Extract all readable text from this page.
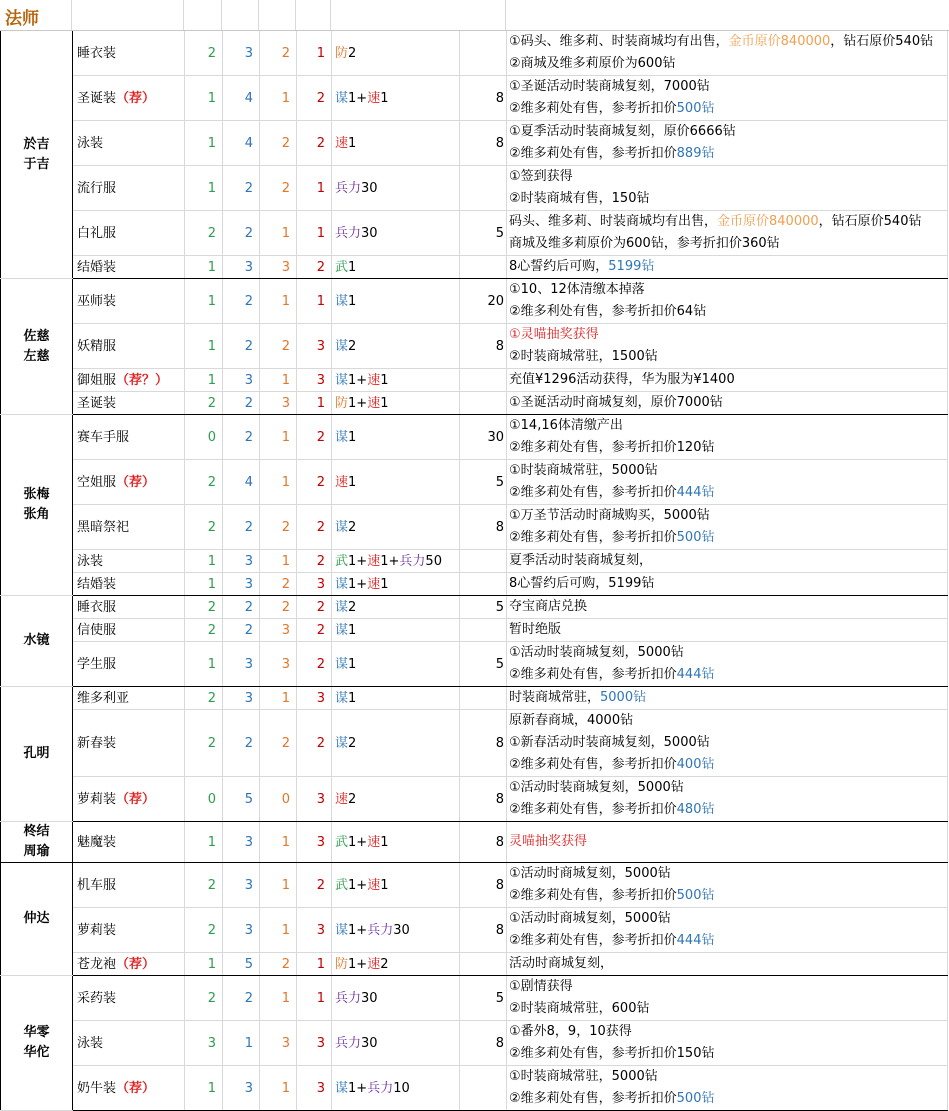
法师
於吉
于吉	睡衣装	2	3	2	1	防2		①码头、维多莉、时装商城均有出售，金币原价840000，钻石原价540钻
②商城及维多莉原价为600钻

	圣诞装（荐）	1	4	1	2	谋1+速1	8	①圣诞活动时装商城复刻，7000钻
②维多莉处有售，参考折扣价500钻

	泳装	1	4	2	2	速1	8	①夏季活动时装商城复刻，原价6666钻
②维多莉处有售，参考折扣价889钻

	流行服	1	2	2	1	兵力30		①签到获得
②时装商城有售，150钻

	白礼服	2	2	1	1	兵力30	5	码头、维多莉、时装商城均有出售，金币原价840000，钻石原价540钻
商城及维多莉原价为600钻，参考折扣价360钻

	结婚装	1	3	3	2	武1		8心誓约后可购，5199钻

佐慈
左慈	巫师装	1	2	1	1	谋1	20	①10、12体清缴本掉落
②维多利处有售，参考折扣价64钻

	妖精服	1	2	2	3	谋2	8	①灵喵抽奖获得
②时装商城常驻，1500钻

	御姐服（荐？）	1	3	1	3	谋1+速1		充值¥1296活动获得，华为服为¥1400

	圣诞装	2	2	3	1	防1+速1		①圣诞活动时商城复刻，原价7000钻

张梅
张角	赛车手服	0	2	1	2	谋1	30	①14,16体清缴产出
②维多莉处有售，参考折扣价120钻

	空姐服（荐）	2	4	1	2	速1	5	①时装商城常驻，5000钻
②维多莉处有售，参考折扣价444钻

	黑暗祭祀	2	2	2	2	谋2	8	①万圣节活动时商城购买，5000钻
②维多莉处有售，参考折扣价500钻

	泳装	1	3	1	2	武1+速1+兵力50		夏季活动时装商城复刻，

	结婚装	1	3	2	3	谋1+速1		8心誓约后可购，5199钻

水镜	睡衣服	2	2	2	2	谋2	5	夺宝商店兑换

	信使服	2	2	3	2	谋1		暂时绝版

	学生服	1	3	3	2	谋1	5	①活动时装商城复刻，5000钻
②维多莉处有售，参考折扣价444钻

孔明	维多利亚	2	3	1	3	谋1		时装商城常驻，5000钻

	新春装	2	2	2	2	谋2	8	原新春商城，4000钻
①新春活动时装商城复刻，5000钻
②维多莉处有售，参考折扣价400钻

	萝莉装（荐）	0	5	0	3	速2	8	①活动时装商城复刻，5000钻
②维多莉处有售，参考折扣价480钻

柊结
周瑜	魅魔装	1	3	1	3	武1+速1	8	灵喵抽奖获得

仲达	机车服	2	3	1	2	武1+速1	8	①活动时商城复刻，5000钻
②维多莉处有售，参考折扣价500钻

	萝莉装	2	3	1	3	谋1+兵力30	8	①活动时商城复刻，5000钻
②维多莉处有售，参考折扣价444钻

	苍龙袍（荐）	1	5	2	1	防1+速2		活动时商城复刻，

华零
华佗	采药装	2	2	1	1	兵力30	5	①剧情获得
②时装商城常驻，600钻

	泳装	3	1	3	3	兵力30	8	①番外8，9，10获得
②维多莉处有售，参考折扣价150钻

	奶牛装（荐）	1	3	1	3	谋1+兵力10		①时装商城常驻，5000钻
②维多莉处有售，参考折扣价500钻
